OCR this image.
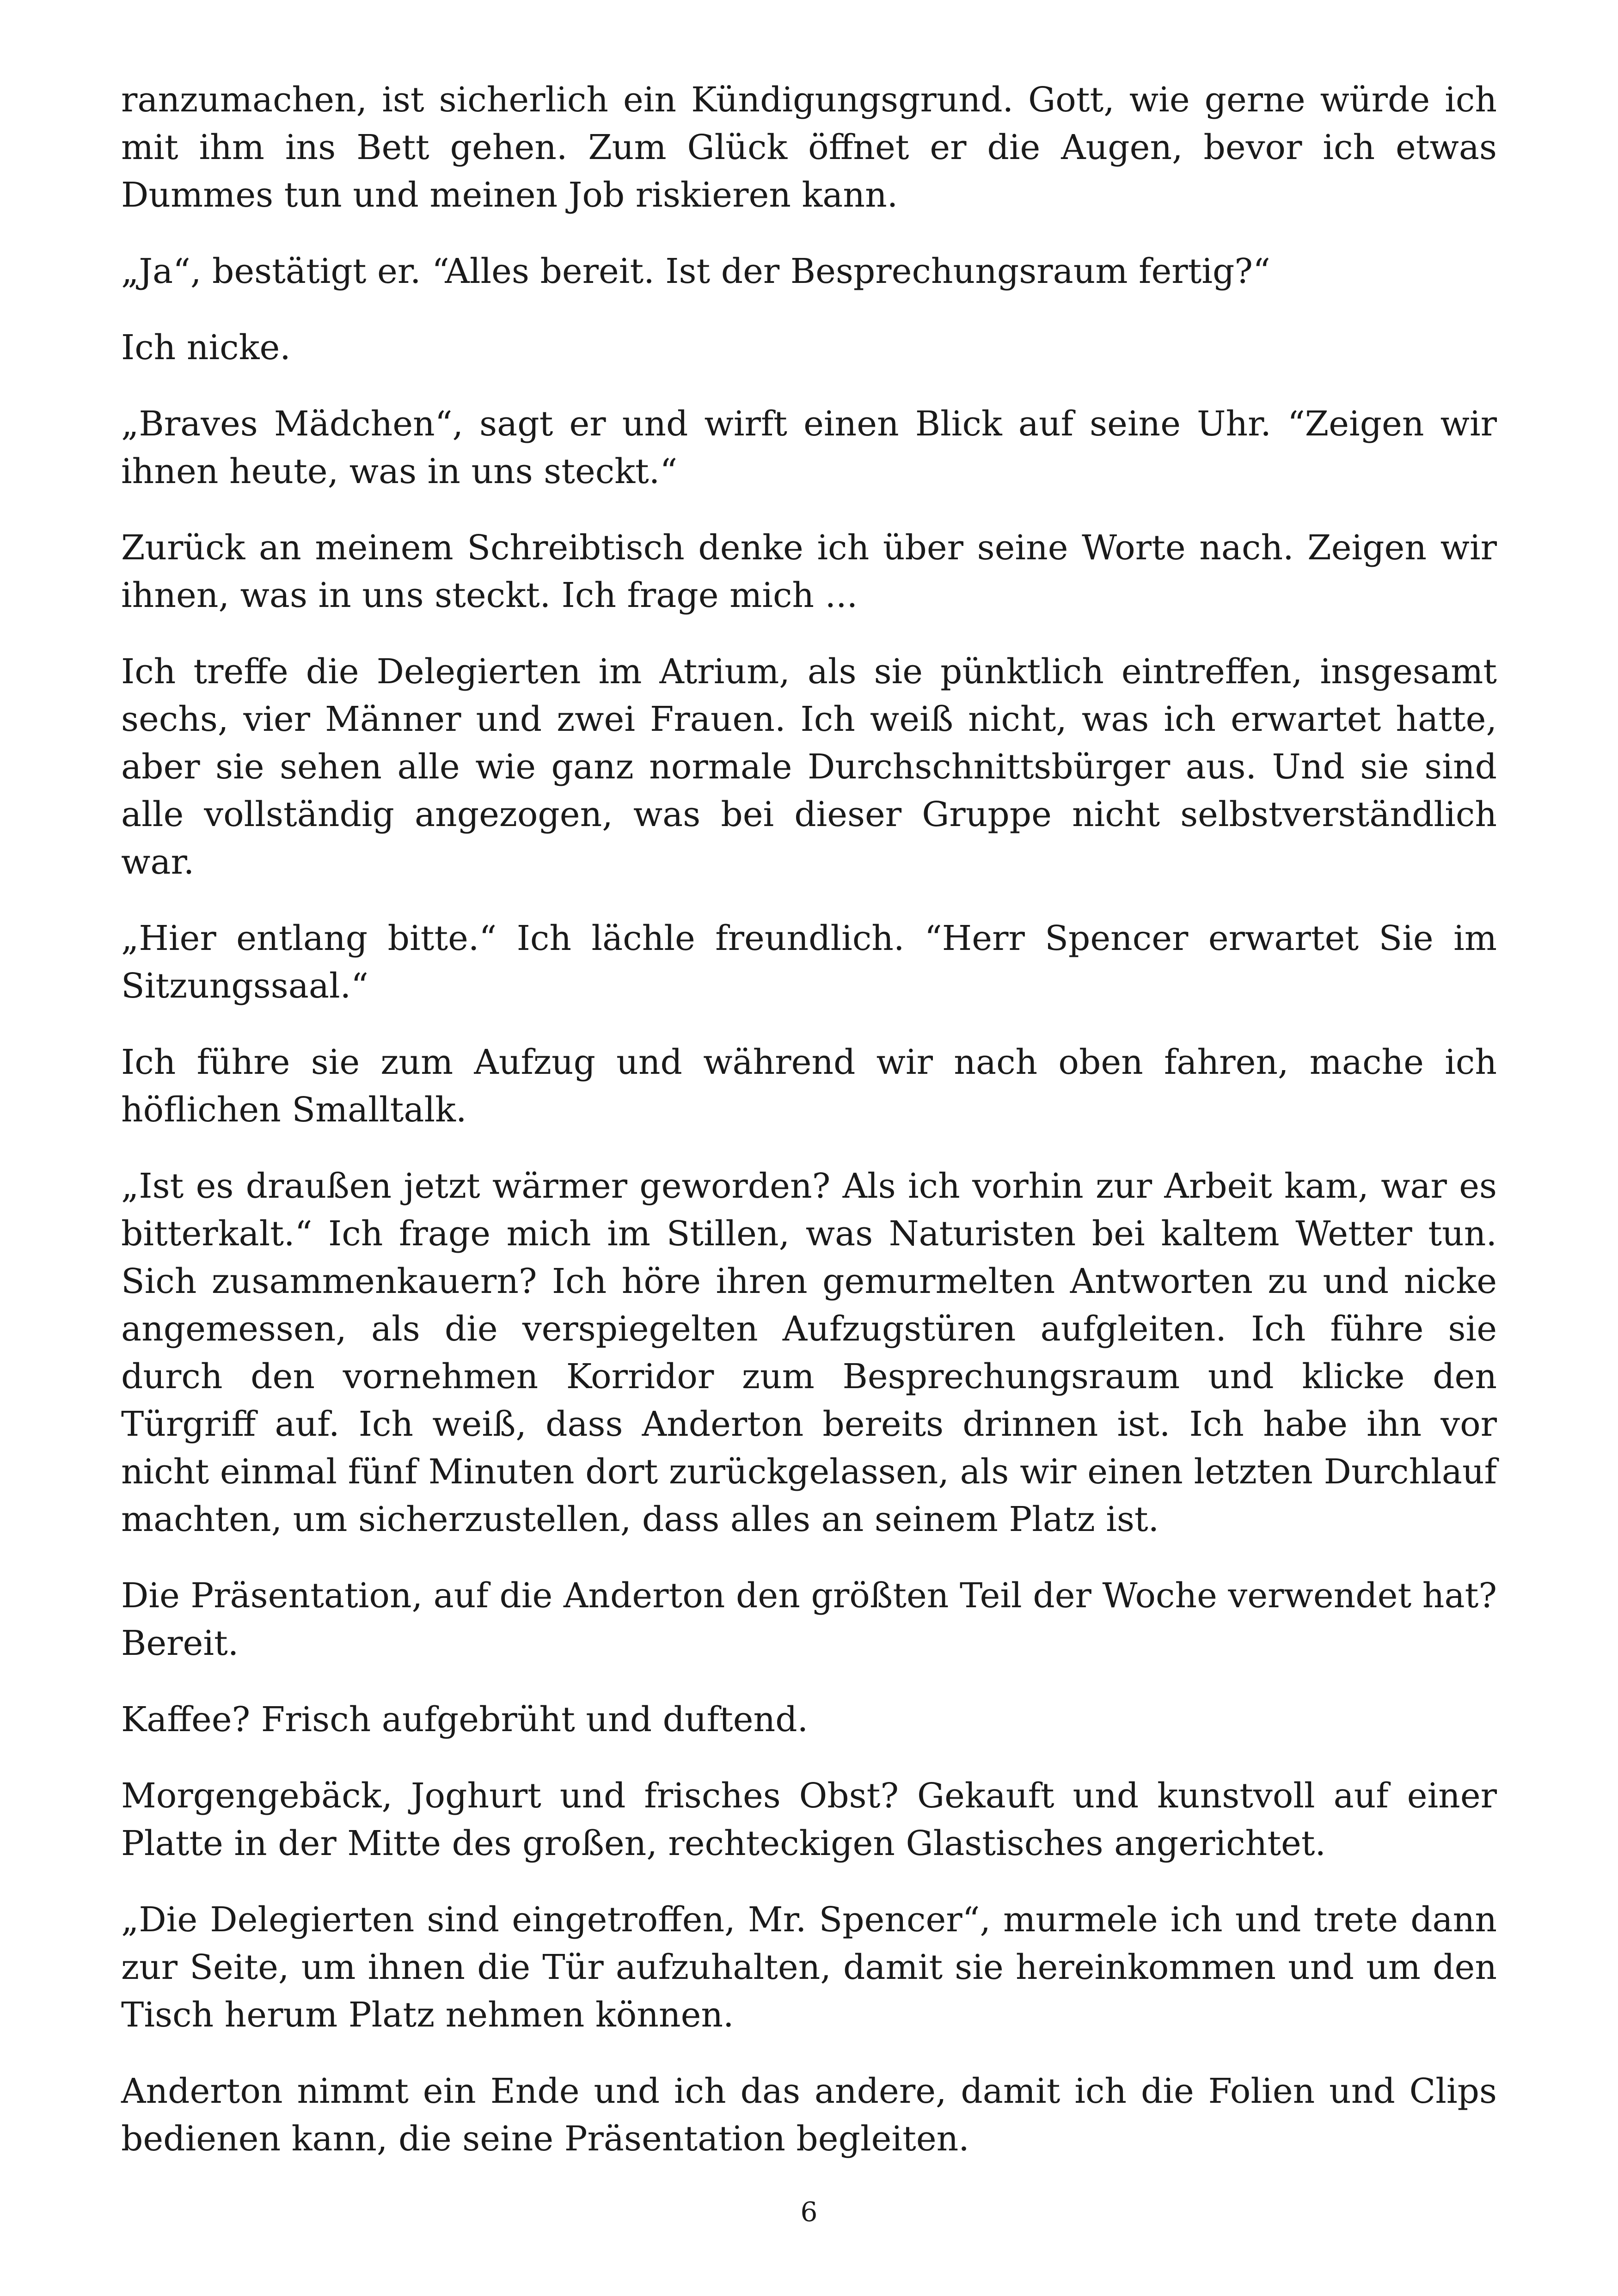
ranzumachen, ist sicherlich ein Kündigungsgrund. Gott, wie gerne würde ich mit ihm ins Bett gehen. Zum Glück öffnet er die Augen, bevor ich etwas Dummes tun und meinen Job riskieren kann.

„Ja“, bestätigt er. “Alles bereit. Ist der Besprechungsraum fertig?“

Ich nicke.

„Braves Mädchen“, sagt er und wirft einen Blick auf seine Uhr. “Zeigen wir ihnen heute, was in uns steckt.“

Zurück an meinem Schreibtisch denke ich über seine Worte nach. Zeigen wir ihnen, was in uns steckt. Ich frage mich ...

Ich treffe die Delegierten im Atrium, als sie pünktlich eintreffen, insgesamt sechs, vier Männer und zwei Frauen. Ich weiß nicht, was ich erwartet hatte, aber sie sehen alle wie ganz normale Durchschnittsbürger aus. Und sie sind alle vollständig angezogen, was bei dieser Gruppe nicht selbstverständlich war.

„Hier entlang bitte.“ Ich lächle freundlich. “Herr Spencer erwartet Sie im Sitzungssaal.“

Ich führe sie zum Aufzug und während wir nach oben fahren, mache ich höflichen Smalltalk.

„Ist es draußen jetzt wärmer geworden? Als ich vorhin zur Arbeit kam, war es bitterkalt.“ Ich frage mich im Stillen, was Naturisten bei kaltem Wetter tun. Sich zusammenkauern? Ich höre ihren gemurmelten Antworten zu und nicke angemessen, als die verspiegelten Aufzugstüren aufgleiten. Ich führe sie durch den vornehmen Korridor zum Besprechungsraum und klicke den Türgriff auf. Ich weiß, dass Anderton bereits drinnen ist. Ich habe ihn vor nicht einmal fünf Minuten dort zurückgelassen, als wir einen letzten Durchlauf machten, um sicherzustellen, dass alles an seinem Platz ist.

Die Präsentation, auf die Anderton den größten Teil der Woche verwendet hat? Bereit.

Kaffee? Frisch aufgebrüht und duftend.

Morgengebäck, Joghurt und frisches Obst? Gekauft und kunstvoll auf einer Platte in der Mitte des großen, rechteckigen Glastisches angerichtet.

„Die Delegierten sind eingetroffen, Mr. Spencer“, murmele ich und trete dann zur Seite, um ihnen die Tür aufzuhalten, damit sie hereinkommen und um den Tisch herum Platz nehmen können.

Anderton nimmt ein Ende und ich das andere, damit ich die Folien und Clips bedienen kann, die seine Präsentation begleiten.

6
